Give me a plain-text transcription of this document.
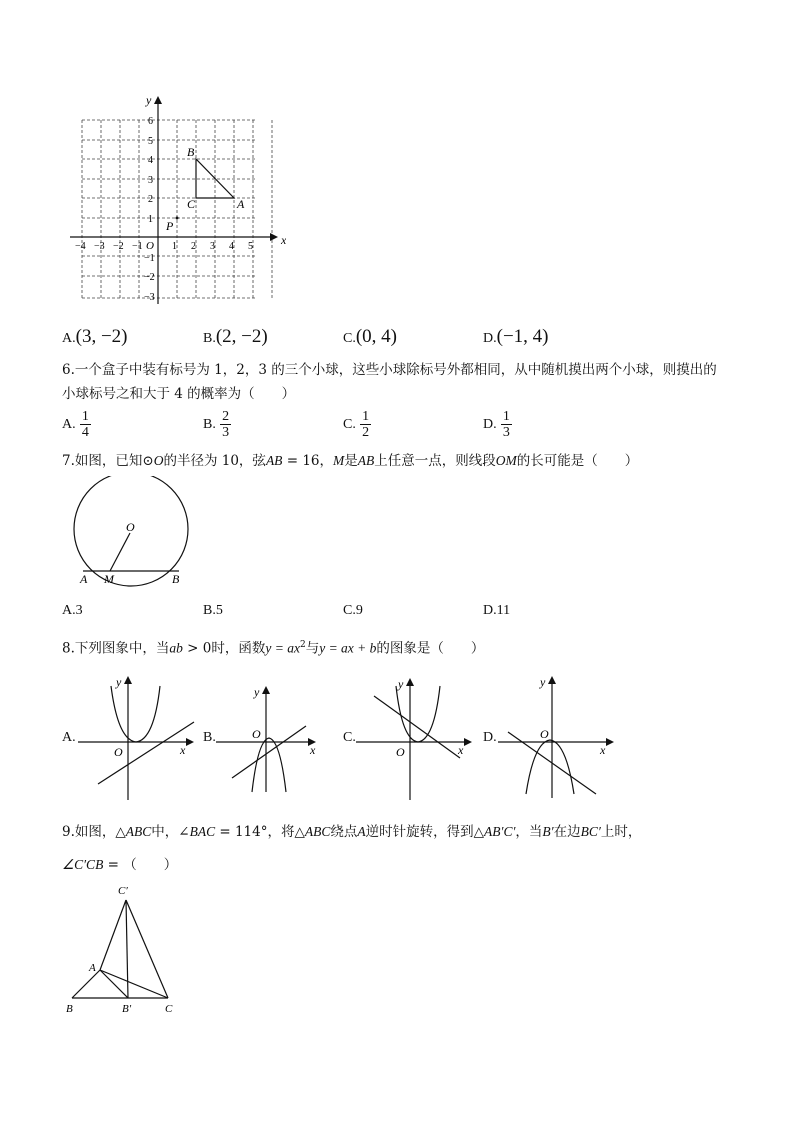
x
y
O
−4 −3 −2 −1	1 2 3 4 5
6
5
4
3
2
1
−1
−2
−3
B
C	A
P
A.(3, −2)	B.(2, −2)	C.(0, 4)	D.(−1, 4)
6.一个盒子中装有标号为 1，2，3 的三个小球，这些小球除标号外都相同，从中随机摸出两个小球，则摸出的
小球标号之和大于 4 的概率为（　　）
A. $\frac{1}{4}$	B. $\frac{2}{3}$	C. $\frac{1}{2}$	D. $\frac{1}{3}$
7.如图，已知⊙O的半径为 10，弦AB = 16，M是AB上任意一点，则线段OM的长可能是（　　）
O
A M	B
A.3	B.5	C.9	D.11
8.下列图象中，当ab > 0时，函数$y = ax^2$与y = ax + b的图象是（　　）
A.
y
x
O
B.
y
x
O	C.
y
x
O
D.
y
x
O
9.如图，△ABC中，∠BAC = 114°，将△ABC绕点A逆时针旋转，得到△AB′C′，当B′在边BC′上时，
∠C′CB = （　　）
C′
A
B	B′	C
